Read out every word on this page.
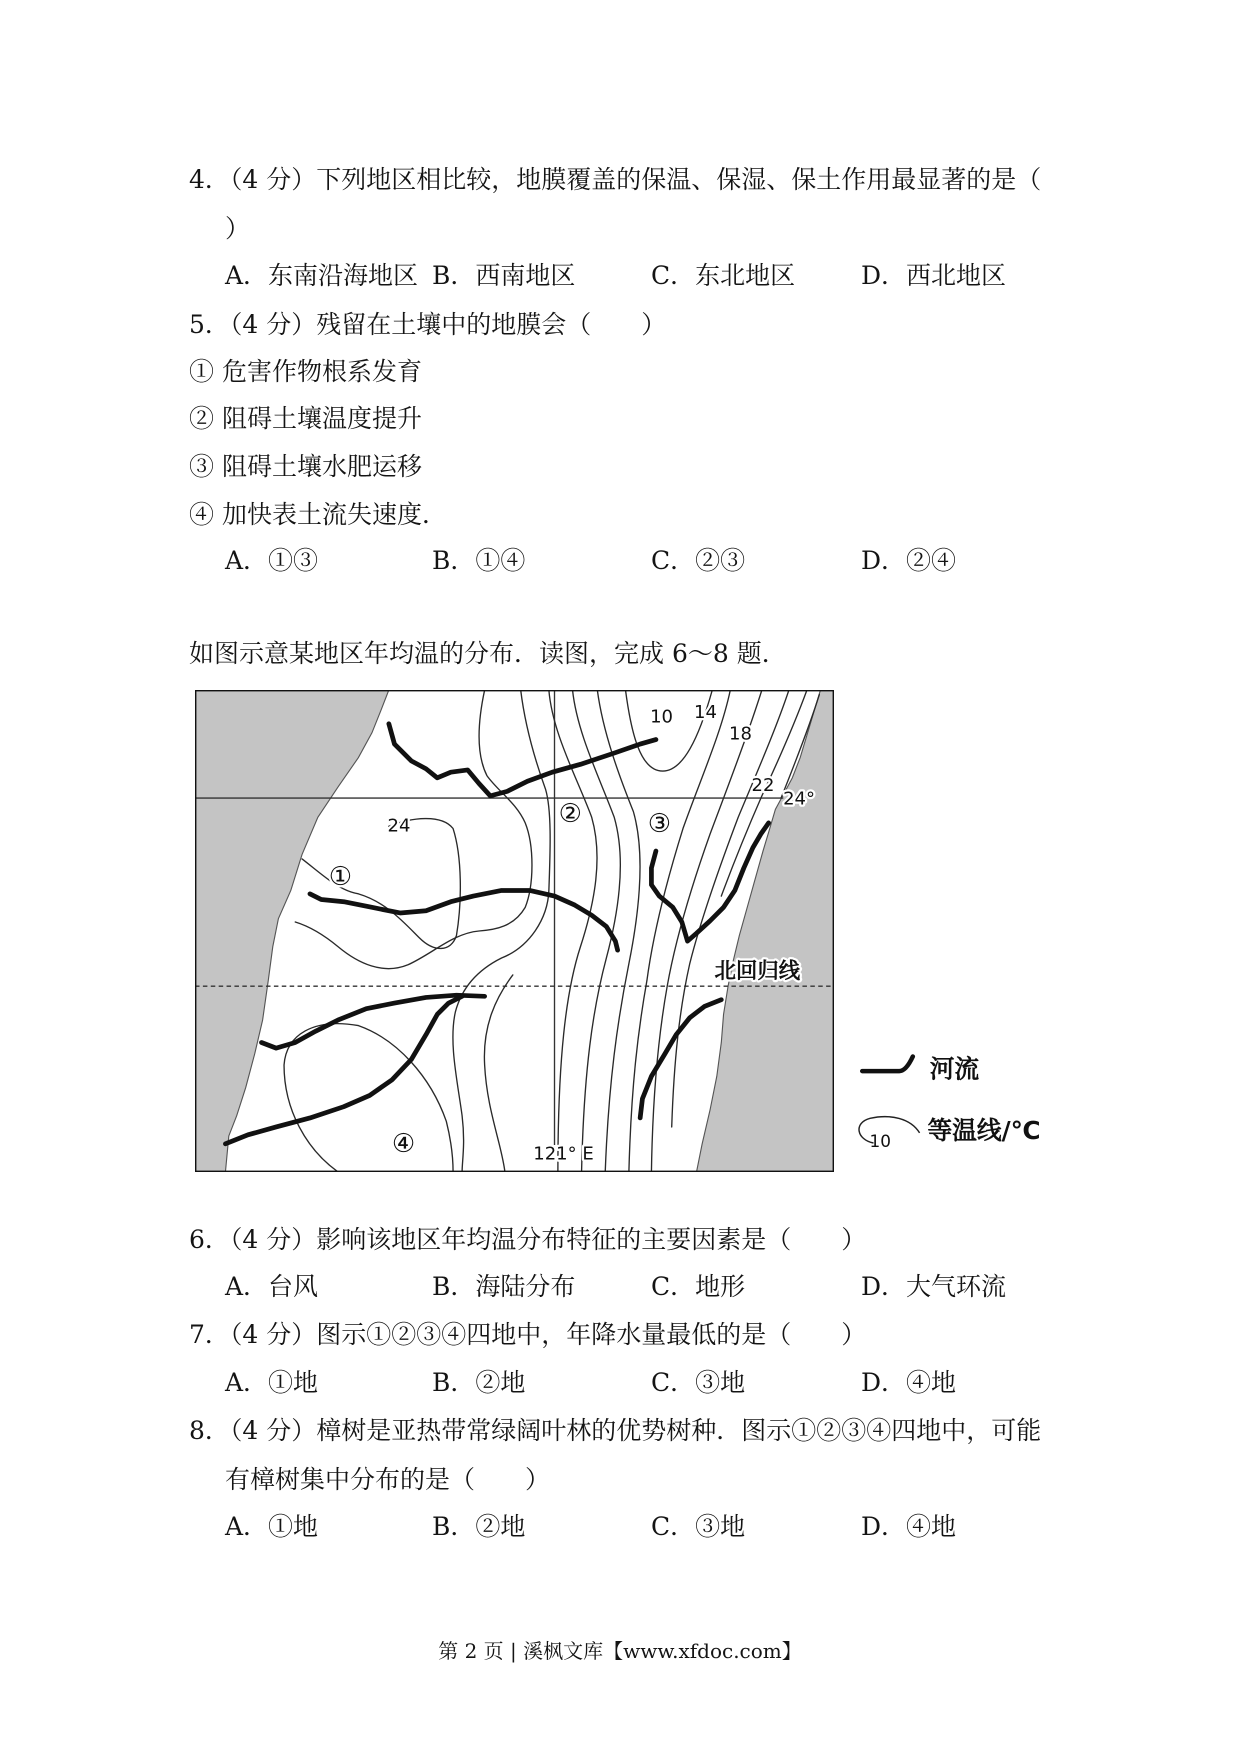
4．（4 分）下列地区相比较，地膜覆盖的保温、保湿、保土作用最显著的是（
）
A．东南沿海地区 B．西南地区	C．东北地区	D．西北地区
5．（4 分）残留在土壤中的地膜会（　　）
① 危害作物根系发育
② 阻碍土壤温度提升
③ 阻碍土壤水肥运移
④ 加快表土流失速度．
A．①③	B．①④	C．②③	D．②④
如图示意某地区年均温的分布．读图，完成 6～8 题．
10 14
18
22
24
24°
121° E
北回归线
①
②	③
④
河流
10 等温线/℃
6．（4 分）影响该地区年均温分布特征的主要因素是（　　）
A．台风	B．海陆分布	C．地形	D．大气环流
7．（4 分）图示①②③④四地中，年降水量最低的是（　　）
A．①地	B．②地	C．③地	D．④地
8．（4 分）樟树是亚热带常绿阔叶林的优势树种．图示①②③④四地中，可能
有樟树集中分布的是（　　）
A．①地	B．②地	C．③地	D．④地
第 2 页 | 溪枫文库【www.xfdoc.com】
